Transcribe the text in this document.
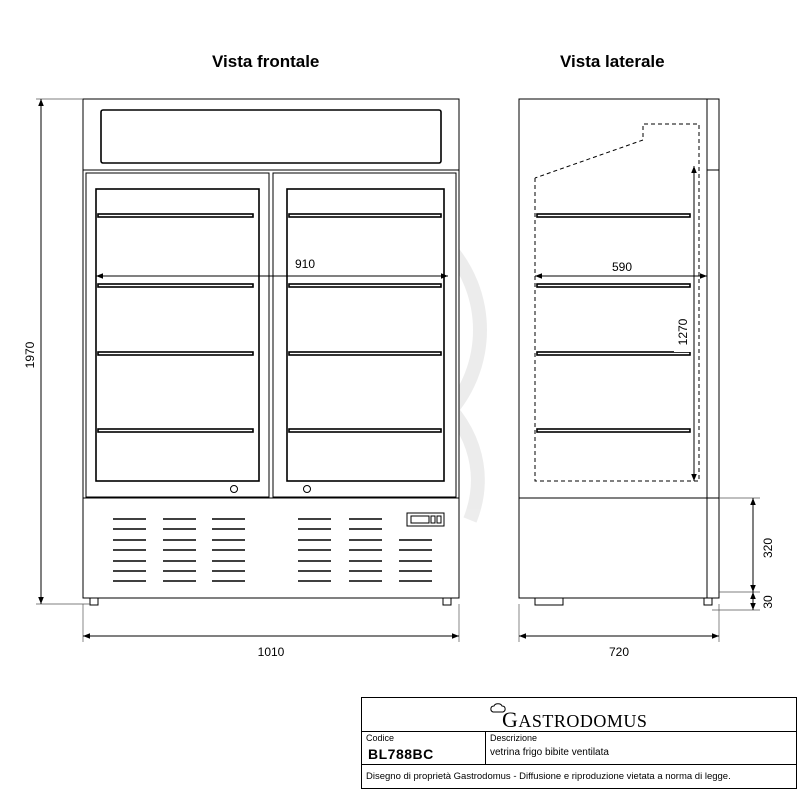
910
1010
1970
590
1270
720
320
30
Vista frontale	Vista laterale
GASTRODOMUS
Codice
BL788BC
Descrizione
vetrina frigo bibite ventilata
Disegno di proprietà Gastrodomus - Diffusione e riproduzione vietata a norma di legge.
